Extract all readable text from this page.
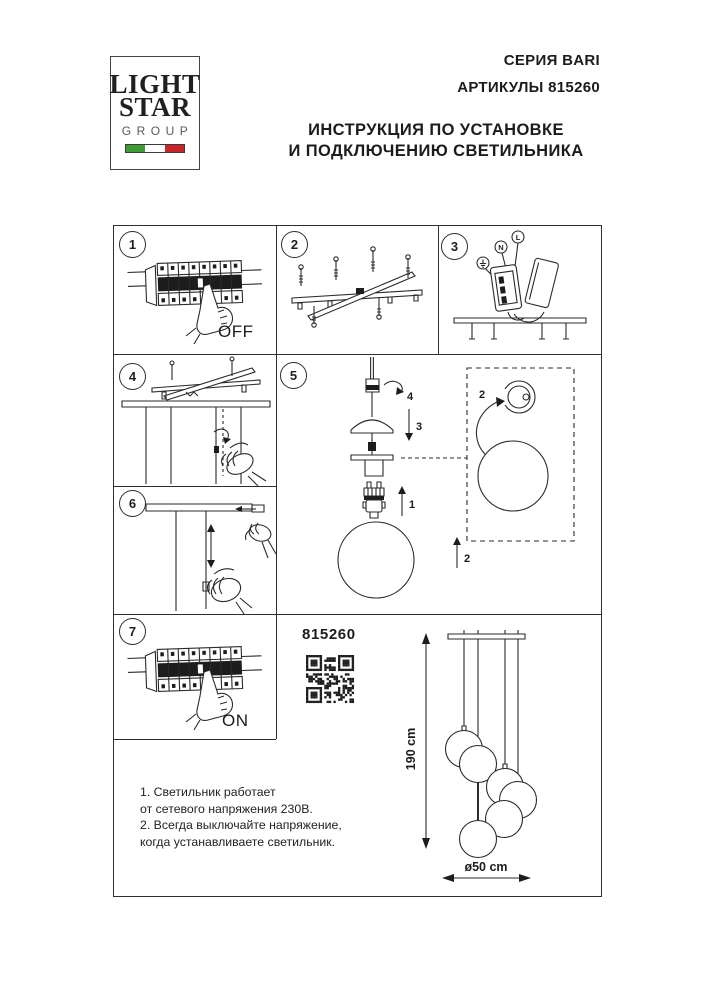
LIGHT
STAR
GROUP
СЕРИЯ BARI
АРТИКУЛЫ 815260
ИНСТРУКЦИЯ ПО УСТАНОВКЕ
И ПОДКЛЮЧЕНИЮ СВЕТИЛЬНИКА
1	2	3
4	5
6
7
OFF
N
L
4
3
1
2
2
ON
815260
190 cm
ø50 cm
1. Светильник работает
от сетевого напряжения 230В.
2. Всегда выключайте напряжение,
когда устанавливаете светильник.
